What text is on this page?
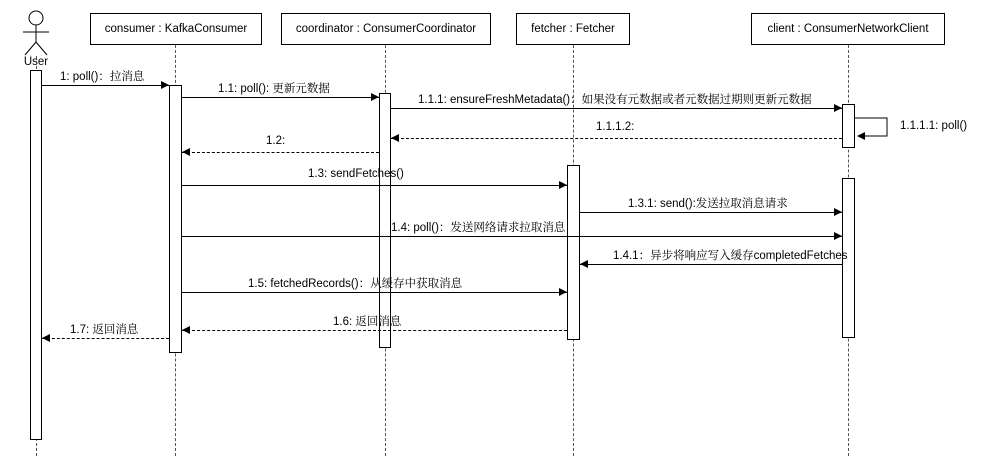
User
consumer : KafkaConsumer	coordinator : ConsumerCoordinator	fetcher : Fetcher	client : ConsumerNetworkClient
1: poll()：拉消息
1.1: poll(): 更新元数据
1.1.1: ensureFreshMetadata()：如果没有元数据或者元数据过期则更新元数据
1.1.1.1: poll()
1.1.1.2:
1.2:
1.3: sendFetches()
1.3.1: send():发送拉取消息请求
1.4: poll()：发送网络请求拉取消息
1.4.1：异步将响应写入缓存completedFetches
1.5: fetchedRecords()：从缓存中获取消息
1.6: 返回消息
1.7: 返回消息
